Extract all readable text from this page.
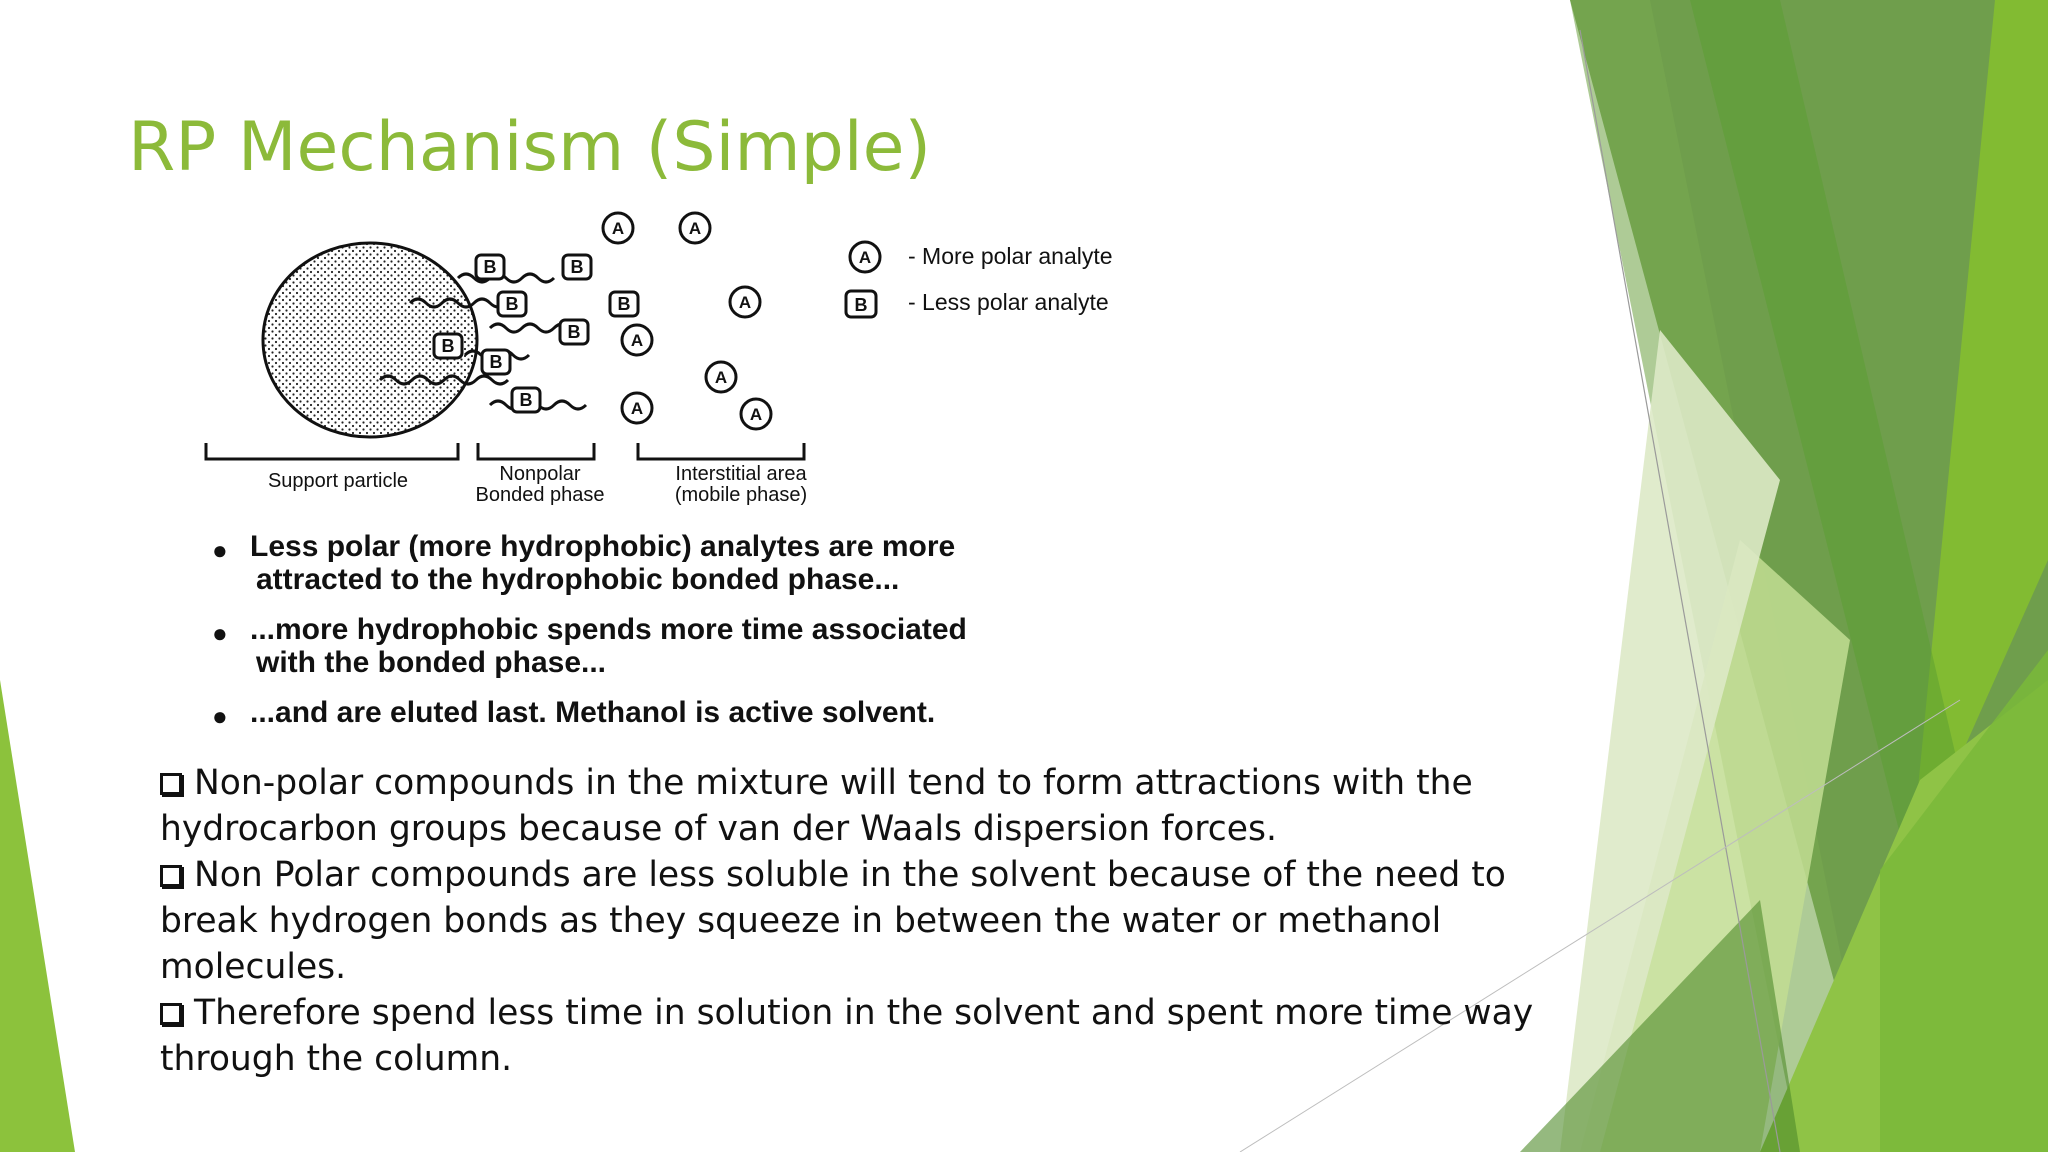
RP Mechanism (Simple)
B	B
B	B
B
B
B
B
A	A
A
A
A
A	A
A
B
- More polar analyte
- Less polar analyte
Support particle	Nonpolar
Bonded phase
Interstitial area
(mobile phase)
● Less polar (more hydrophobic) analytes are more
attracted to the hydrophobic bonded phase...
● ...more hydrophobic spends more time associated
with the bonded phase...
● ...and are eluted last. Methanol is active solvent.

Non-polar compounds in the mixture will tend to form attractions with the hydrocarbon groups because of van der Waals dispersion forces.

Non Polar compounds are less soluble in the solvent because of the need to break hydrogen bonds as they squeeze in between the water or methanol molecules.

Therefore spend less time in solution in the solvent and spent more time way through the column.
